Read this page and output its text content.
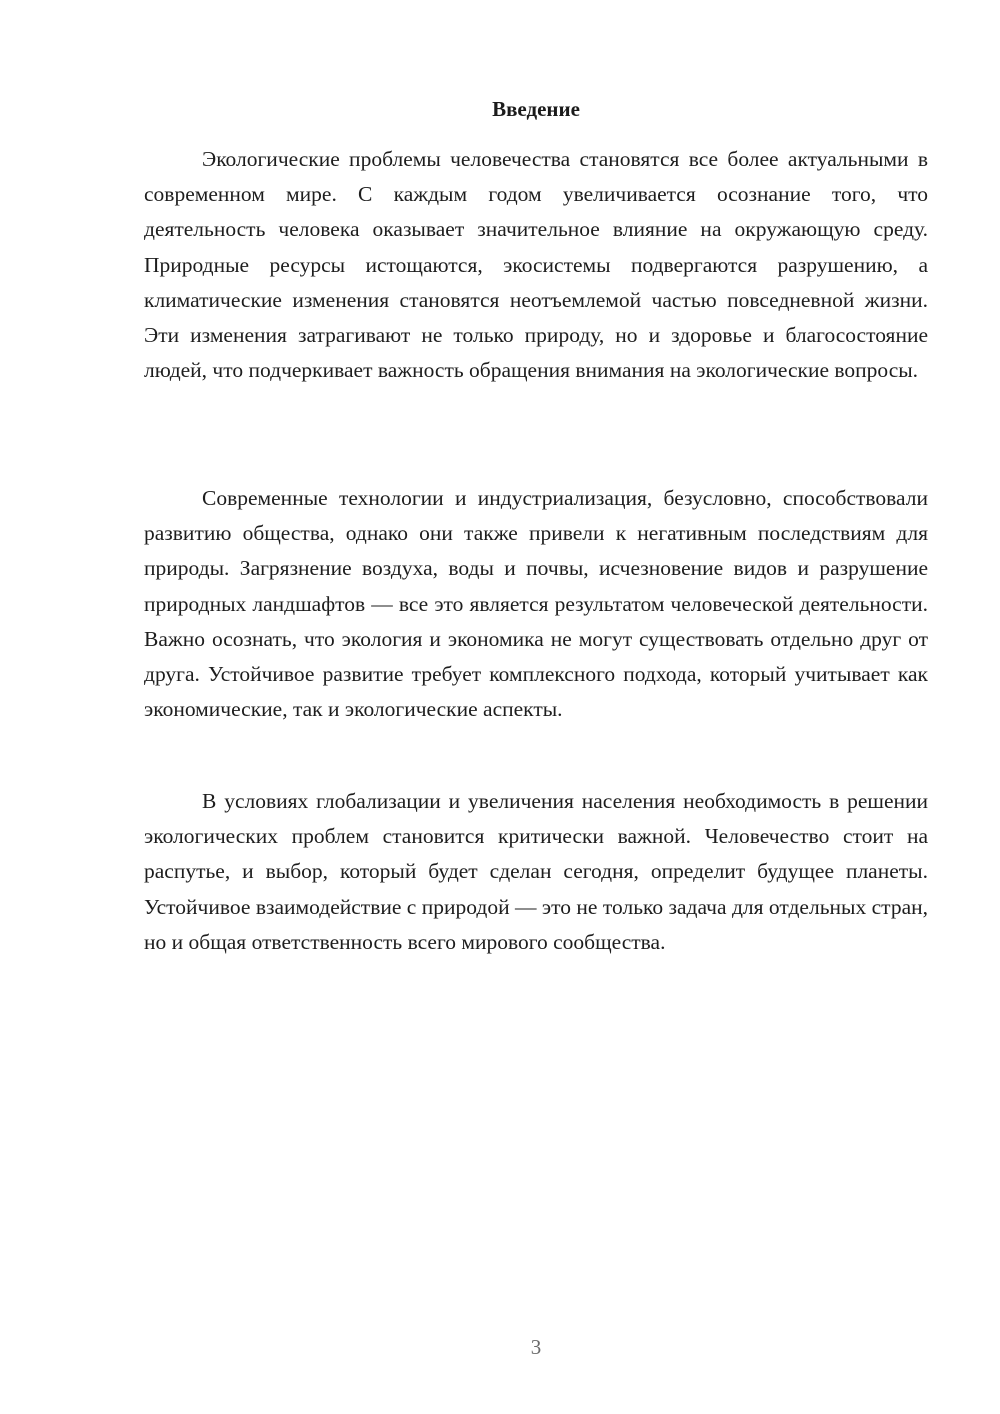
Введение

Экологические проблемы человечества становятся все более актуальными в современном мире. С каждым годом увеличивается осознание того, что деятельность человека оказывает значительное влияние на окружающую среду. Природные ресурсы истощаются, экосистемы подвергаются разрушению, а климатические изменения становятся неотъемлемой частью повседневной жизни. Эти изменения затрагивают не только природу, но и здоровье и благосостояние людей, что подчеркивает важность обращения внимания на экологические вопросы.

Современные технологии и индустриализация, безусловно, способствовали развитию общества, однако они также привели к негативным последствиям для природы. Загрязнение воздуха, воды и почвы, исчезновение видов и разрушение природных ландшафтов — все это является результатом человеческой деятельности. Важно осознать, что экология и экономика не могут существовать отдельно друг от друга. Устойчивое развитие требует комплексного подхода, который учитывает как экономические, так и экологические аспекты.

В условиях глобализации и увеличения населения необходимость в решении экологических проблем становится критически важной. Человечество стоит на распутье, и выбор, который будет сделан сегодня, определит будущее планеты. Устойчивое взаимодействие с природой — это не только задача для отдельных стран, но и общая ответственность всего мирового сообщества.

3
